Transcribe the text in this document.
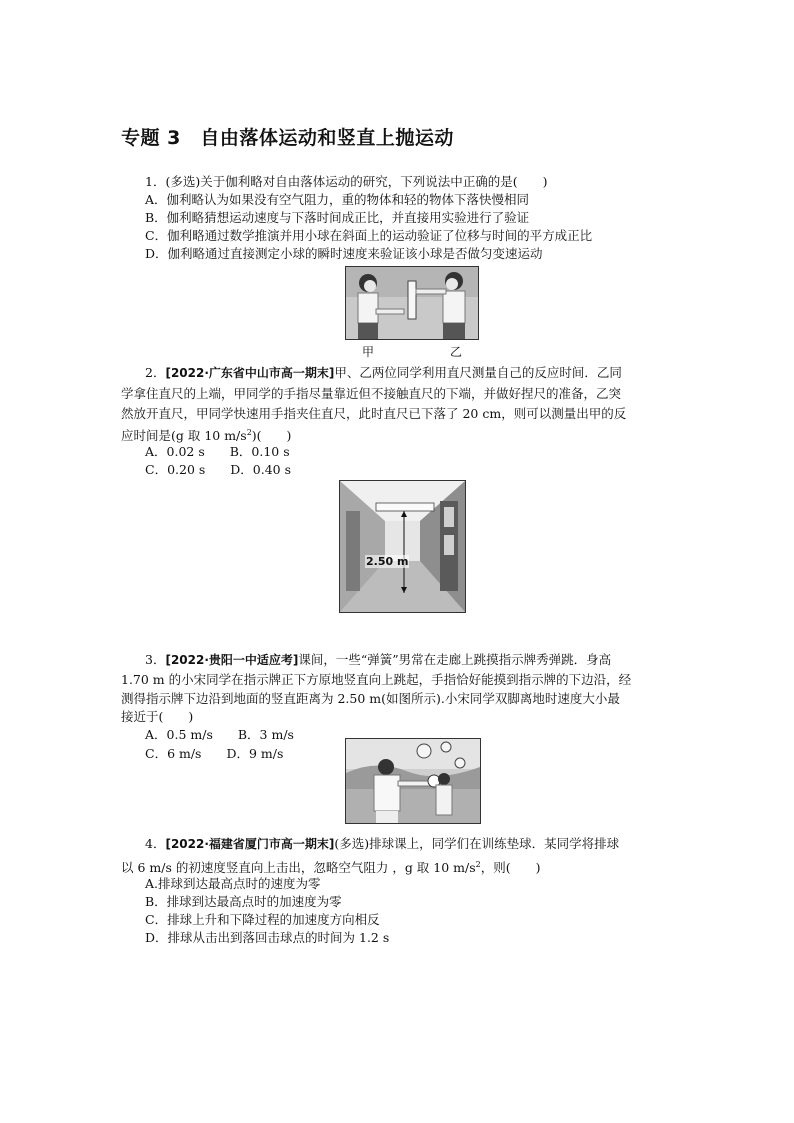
专题 3　自由落体运动和竖直上抛运动
1．(多选)关于伽利略对自由落体运动的研究，下列说法中正确的是(　　)
A．伽利略认为如果没有空气阻力，重的物体和轻的物体下落快慢相同
B．伽利略猜想运动速度与下落时间成正比，并直接用实验进行了验证
C．伽利略通过数学推演并用小球在斜面上的运动验证了位移与时间的平方成正比
D．伽利略通过直接测定小球的瞬时速度来验证该小球是否做匀变速运动
甲	乙
2．[2022·广东省中山市高一期末]甲、乙两位同学利用直尺测量自己的反应时间．乙同
学拿住直尺的上端，甲同学的手指尽量靠近但不接触直尺的下端，并做好捏尺的准备，乙突
然放开直尺，甲同学快速用手指夹住直尺，此时直尺已下落了 20 cm，则可以测量出甲的反
应时间是(g 取 10 $m/s^2$)(　　)
A．0.02 s　　B．0.10 s
C．0.20 s　　D．0.40 s
2.50 m
3．[2022·贵阳一中适应考]课间，一些“弹簧”男常在走廊上跳摸指示牌秀弹跳．身高
1.70 m 的小宋同学在指示牌正下方原地竖直向上跳起，手指恰好能摸到指示牌的下边沿，经
测得指示牌下边沿到地面的竖直距离为 2.50 m(如图所示).小宋同学双脚离地时速度大小最
接近于(　　)
A．0.5 m/s　　B．3 m/s
C．6 m/s　　D．9 m/s
4．[2022·福建省厦门市高一期末](多选)排球课上，同学们在训练垫球．某同学将排球
以 6 m/s 的初速度竖直向上击出，忽略空气阻力 ，g 取 10 $m/s^2$，则(　　)
A.排球到达最高点时的速度为零
B．排球到达最高点时的加速度为零
C．排球上升和下降过程的加速度方向相反
D．排球从击出到落回击球点的时间为 1.2 s
